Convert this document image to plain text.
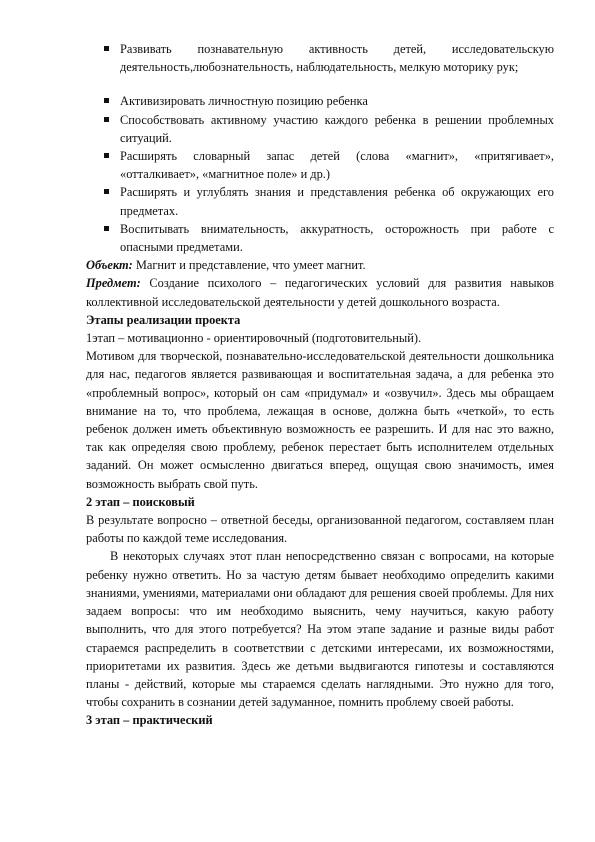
Развивать познавательную активность детей, исследовательскую деятельность,любознательность, наблюдательность, мелкую моторику рук;
Активизировать личностную позицию ребенка
Способствовать активному участию каждого ребенка в решении проблемных ситуаций.
Расширять словарный запас детей (слова «магнит», «притягивает», «отталкивает», «магнитное поле» и др.)
Расширять и углублять знания и представления ребенка об окружающих его предметах.
Воспитывать внимательность, аккуратность, осторожность при работе с опасными предметами.

Объект: Магнит и представление, что умеет магнит.

Предмет: Создание психолого – педагогических условий для развития навыков коллективной исследовательской деятельности у детей дошкольного возраста.

Этапы реализации проекта

1этап – мотивационно - ориентировочный (подготовительный).

Мотивом для творческой, познавательно-исследовательской деятельности дошкольника для нас, педагогов является развивающая и воспитательная задача, а для ребенка это «проблемный вопрос», который он сам «придумал» и «озвучил». Здесь мы обращаем внимание на то, что проблема, лежащая в основе, должна быть «четкой», то есть ребенок должен иметь объективную возможность ее разрешить. И для нас это важно, так как определяя свою проблему, ребенок перестает быть исполнителем отдельных заданий. Он может осмысленно двигаться вперед, ощущая свою значимость, имея возможность выбрать свой путь.

2 этап – поисковый

В результате вопросно – ответной беседы, организованной педагогом, составляем план работы по каждой теме исследования.

В некоторых случаях этот план непосредственно связан с вопросами, на которые ребенку нужно ответить. Но за частую детям бывает необходимо определить какими знаниями, умениями, материалами они обладают для решения своей проблемы. Для них задаем вопросы: что им необходимо выяснить, чему научиться, какую работу выполнить, что для этого потребуется? На этом этапе задание и разные виды работ стараемся распределить в соответствии с детскими интересами, их возможностями, приоритетами их развития. Здесь же детьми выдвигаются гипотезы и составляются планы - действий, которые мы стараемся сделать наглядными. Это нужно для того, чтобы сохранить в сознании детей задуманное, помнить проблему своей работы.

3 этап – практический
